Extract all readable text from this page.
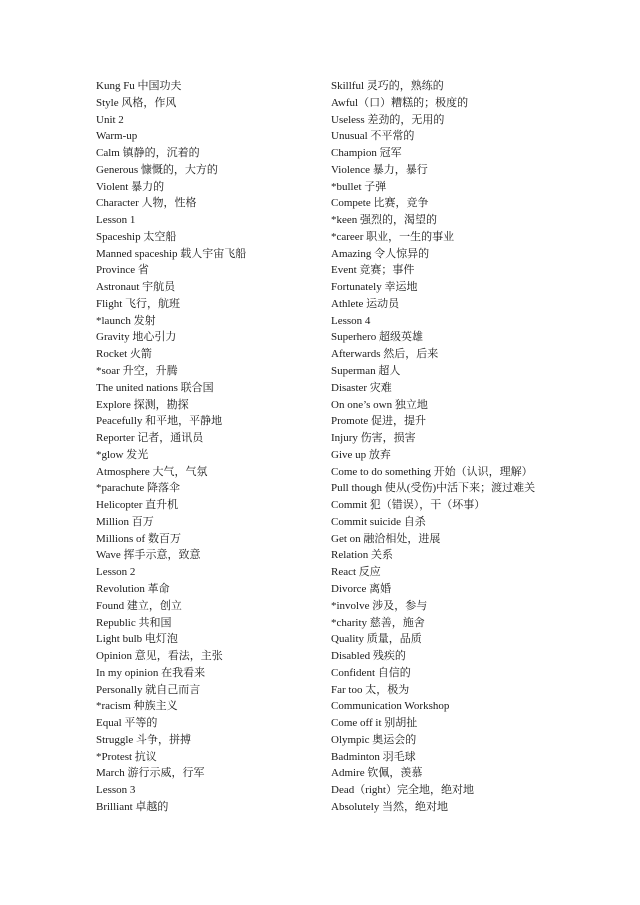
Kung Fu 中国功夫
Style 风格，作风
Unit 2
Warm-up
Calm 镇静的，沉着的
Generous 慷慨的，大方的
Violent 暴力的
Character 人物，性格
Lesson 1
Spaceship 太空船
Manned spaceship 载人宇宙飞船
Province 省
Astronaut 宇航员
Flight 飞行，航班
*launch 发射
Gravity 地心引力
Rocket 火箭
*soar 升空，升腾
The united nations 联合国
Explore 探测，勘探
Peacefully 和平地，平静地
Reporter 记者，通讯员
*glow 发光
Atmosphere 大气，气氛
*parachute 降落伞
Helicopter 直升机
Million 百万
Millions of 数百万
Wave 挥手示意，致意
Lesson 2
Revolution 革命
Found 建立，创立
Republic 共和国
Light bulb 电灯泡
Opinion 意见，看法，主张
In my opinion 在我看来
Personally 就自己而言
*racism 种族主义
Equal 平等的
Struggle 斗争，拼搏
*Protest 抗议
March 游行示威，行军
Lesson 3
Brilliant 卓越的
Skillful 灵巧的，熟练的
Awful（口）糟糕的；极度的
Useless 差劲的，无用的
Unusual 不平常的
Champion 冠军
Violence 暴力，暴行
*bullet 子弹
Compete 比赛，竞争
*keen 强烈的，渴望的
*career 职业，一生的事业
Amazing 令人惊异的
Event 竞赛；事件
Fortunately 幸运地
Athlete 运动员
Lesson 4
Superhero 超级英雄
Afterwards 然后，后来
Superman 超人
Disaster 灾难
On one’s own 独立地
Promote 促进，提升
Injury 伤害，损害
Give up 放弃
Come to do something 开始（认识，理解）
Pull though 使从(受伤)中活下来；渡过难关
Commit 犯（错误），干（坏事）
Commit suicide 自杀
Get on 融洽相处，进展
Relation 关系
React 反应
Divorce 离婚
*involve 涉及，参与
*charity 慈善，施舍
Quality 质量，品质
Disabled 残疾的
Confident 自信的
Far too 太，极为
Communication Workshop
Come off it 别胡扯
Olympic 奥运会的
Badminton 羽毛球
Admire 钦佩，羡慕
Dead（right）完全地，绝对地
Absolutely 当然，绝对地
